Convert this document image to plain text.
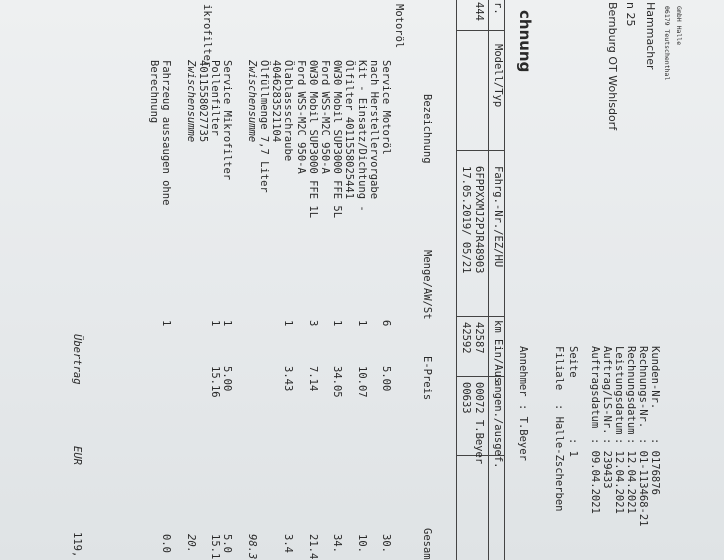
GmbH Halle
06179 Teutschenthal
Hammacher
n 25
Bernburg OT Wohlsdorf
chnung
Kunden-Nr.
: 0176876
Rechnungs-Nr.
: 01-113468-21
Rechnungsdatum
: 12.04.2021
Leistungsdatum
: 12.04.2021
Auftrag/LS-Nr.
: 239433
Auftragsdatum
: 09.04.2021
Seite
: 1
Filiale
: Halle-Zscherben
Annehmer
: T.Beyer
r.
Modell/Typ
Fahrg.-Nr./EZ/HU
km Ein/Aus
angen./ausgef.
444
6FPPXXMJ2PJR48903
17.05.2019/ 05/21
42587
42592
00072 T.Beyer
00633
Motoröl
ikrofilter
Bezeichnung
Menge/AW/St
E-Preis
Gesam
Service Motoröl
6
5.00
30.
nach Herstellervorgabe
Kit - Einsatz/Dichtung -
1
10.07
10.
Ölfilter 4011558025441
0W30 Mobil SUP3000 FFE 5L
1
34.05
34.
Ford WSS-M2C 950-A
0W30 Mobil SUP3000 FFE 1L
3
7.14
21.4
Ford WSS-M2C 950-A
Ölablassschraube
1
3.43
3.4
4046283521104
Ölfüllmenge 7,7 Liter
Zwischensumme
98.3
Service Mikrofilter
1
5.00
5.0
Pollenfilter
1
15.16
15.1
4011558027735
Zwischensumme
20.
Fahrzeug aussaugen ohne
1
0.0
Berechnung
Übertrag
EUR
119,
